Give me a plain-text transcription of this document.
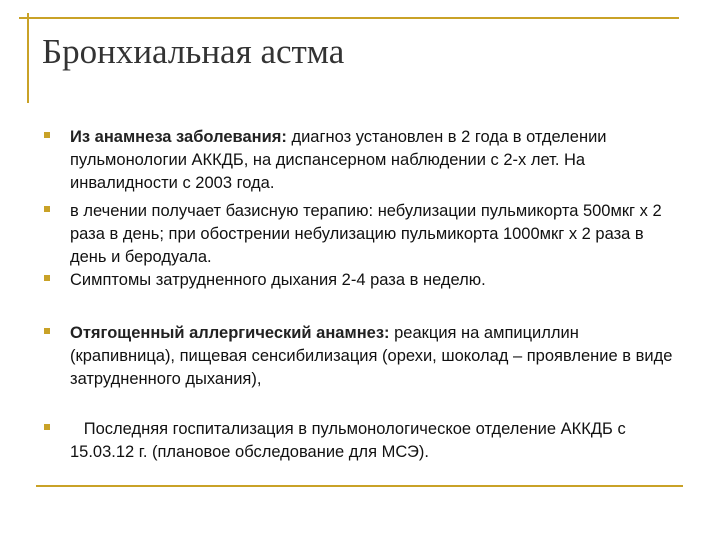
Бронхиальная астма
Из анамнеза заболевания: диагноз установлен в 2 года в отделении пульмонологии АККДБ, на диспансерном наблюдении с 2-х лет. На инвалидности с 2003 года.
в лечении получает базисную терапию: небулизации пульмикорта 500мкг х 2 раза в день; при обострении небулизацию пульмикорта 1000мкг х 2 раза в день и беродуала.
Симптомы затрудненного дыхания 2-4 раза в неделю.
Отягощенный аллергический анамнез: реакция на ампициллин (крапивница), пищевая сенсибилизация (орехи, шоколад – проявление в виде затрудненного дыхания),
Последняя госпитализация в пульмонологическое отделение АККДБ с 15.03.12 г. (плановое обследование для МСЭ).
